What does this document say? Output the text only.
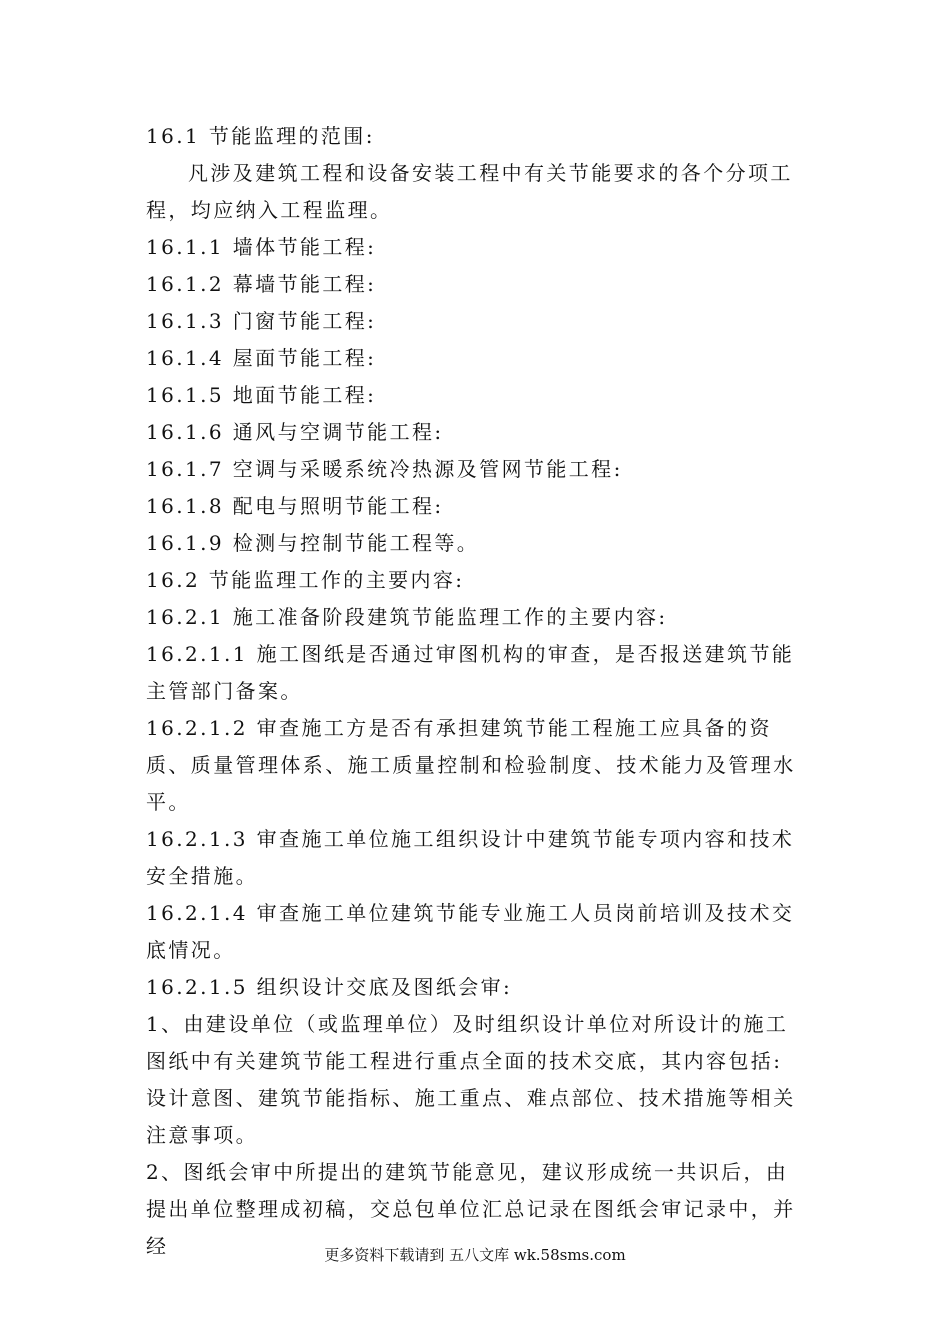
16.1 节能监理的范围:

凡涉及建筑工程和设备安装工程中有关节能要求的各个分项工程，均应纳入工程监理。

16.1.1 墙体节能工程:

16.1.2 幕墙节能工程:

16.1.3 门窗节能工程:

16.1.4 屋面节能工程:

16.1.5 地面节能工程:

16.1.6 通风与空调节能工程:

16.1.7 空调与采暖系统冷热源及管网节能工程:

16.1.8 配电与照明节能工程:

16.1.9 检测与控制节能工程等。

16.2 节能监理工作的主要内容:

16.2.1 施工准备阶段建筑节能监理工作的主要内容:

16.2.1.1 施工图纸是否通过审图机构的审查，是否报送建筑节能主管部门备案。

16.2.1.2 审查施工方是否有承担建筑节能工程施工应具备的资质、质量管理体系、施工质量控制和检验制度、技术能力及管理水平。

16.2.1.3 审查施工单位施工组织设计中建筑节能专项内容和技术安全措施。

16.2.1.4 审查施工单位建筑节能专业施工人员岗前培训及技术交底情况。

16.2.1.5 组织设计交底及图纸会审:

1、由建设单位（或监理单位）及时组织设计单位对所设计的施工图纸中有关建筑节能工程进行重点全面的技术交底，其内容包括: 设计意图、建筑节能指标、施工重点、难点部位、技术措施等相关注意事项。

2、图纸会审中所提出的建筑节能意见，建议形成统一共识后，由提出单位整理成初稿，交总包单位汇总记录在图纸会审记录中，并经	更多资料下载请到 五八文库 wk.58sms.com
